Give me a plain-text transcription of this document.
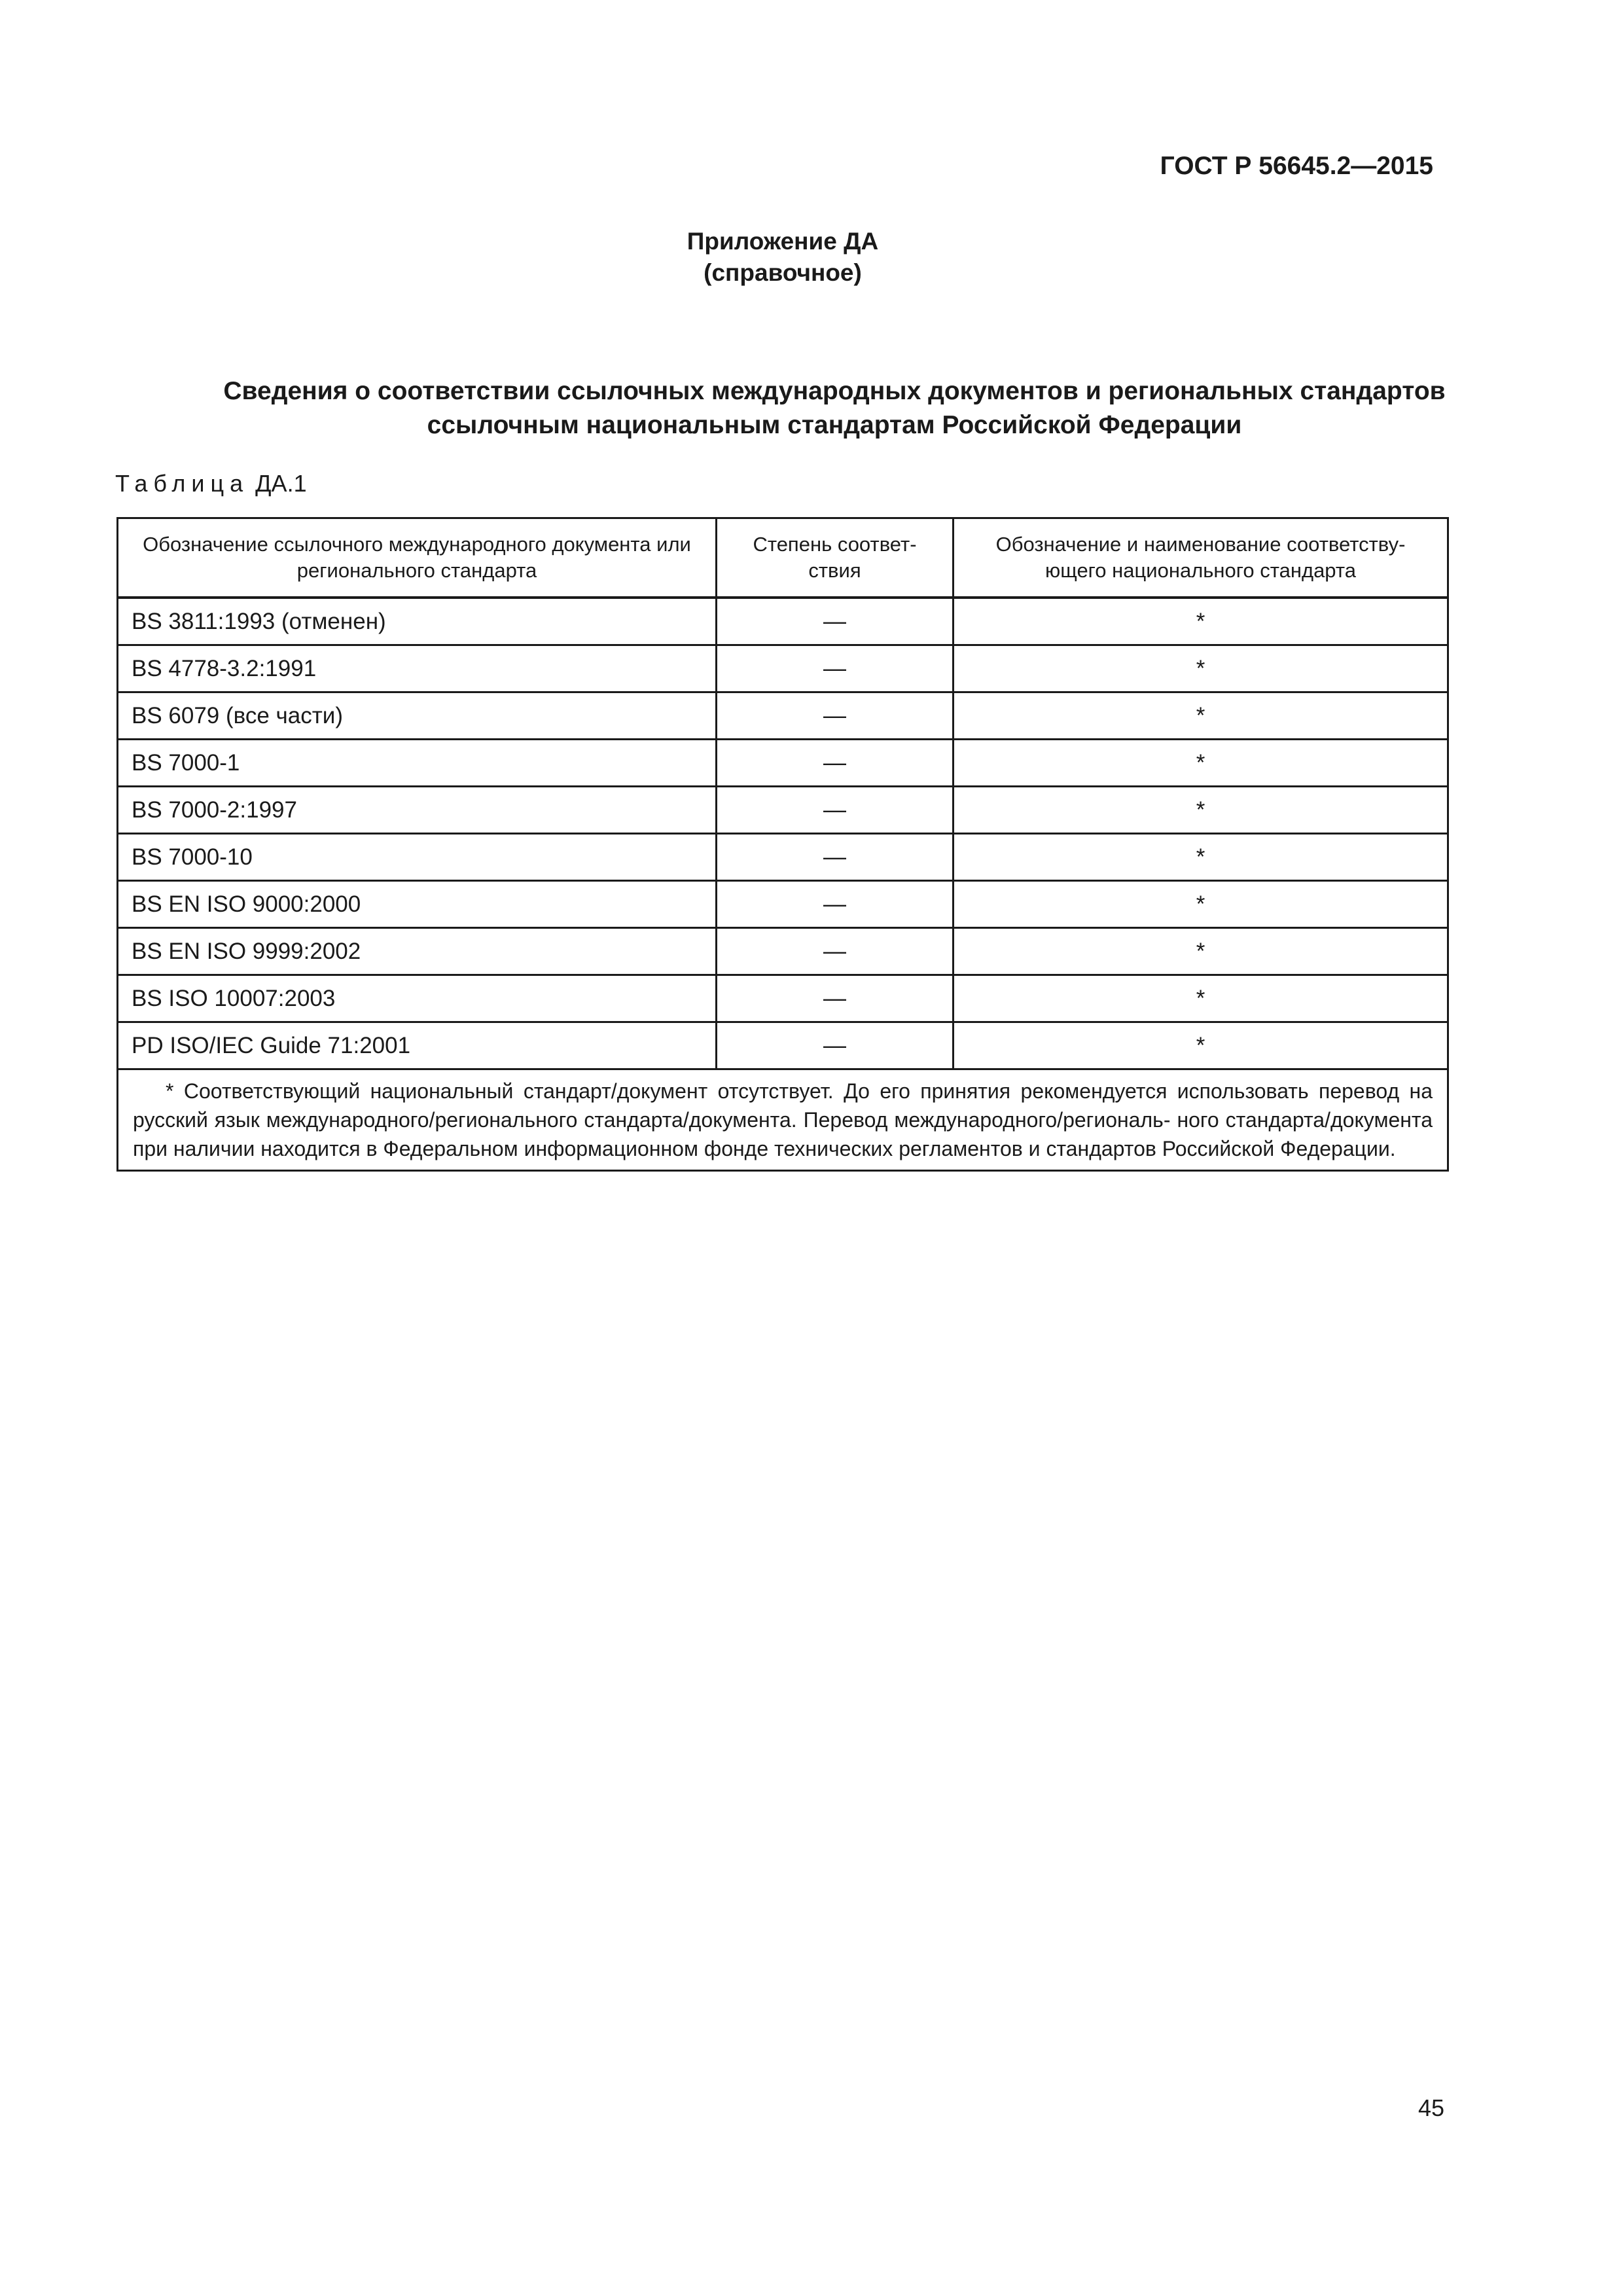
ГОСТ Р 56645.2—2015
Приложение ДА
(справочное)
Сведения о соответствии ссылочных международных документов и региональных стандартов
ссылочным национальным стандартам Российской Федерации
Таблица ДА.1
Обозначение ссылочного международного документа или регионального стандарта	Степень соответ- ствия	Обозначение и наименование соответству- ющего национального стандарта
BS 3811:1993 (отменен)	—	*
BS 4778-3.2:1991	—	*
BS 6079 (все части)	—	*
BS 7000-1	—	*
BS 7000-2:1997	—	*
BS 7000-10	—	*
BS EN ISO 9000:2000	—	*
BS EN ISO 9999:2002	—	*
BS ISO 10007:2003	—	*
PD ISO/IEC Guide 71:2001	—	*

* Соответствующий национальный стандарт/документ отсутствует. До его принятия рекомендуется использовать перевод на русский язык международного/регионального стандарта/документа. Перевод международного/региональ- ного стандарта/документа при наличии находится в Федеральном информационном фонде технических регламентов и стандартов Российской Федерации.		
45
